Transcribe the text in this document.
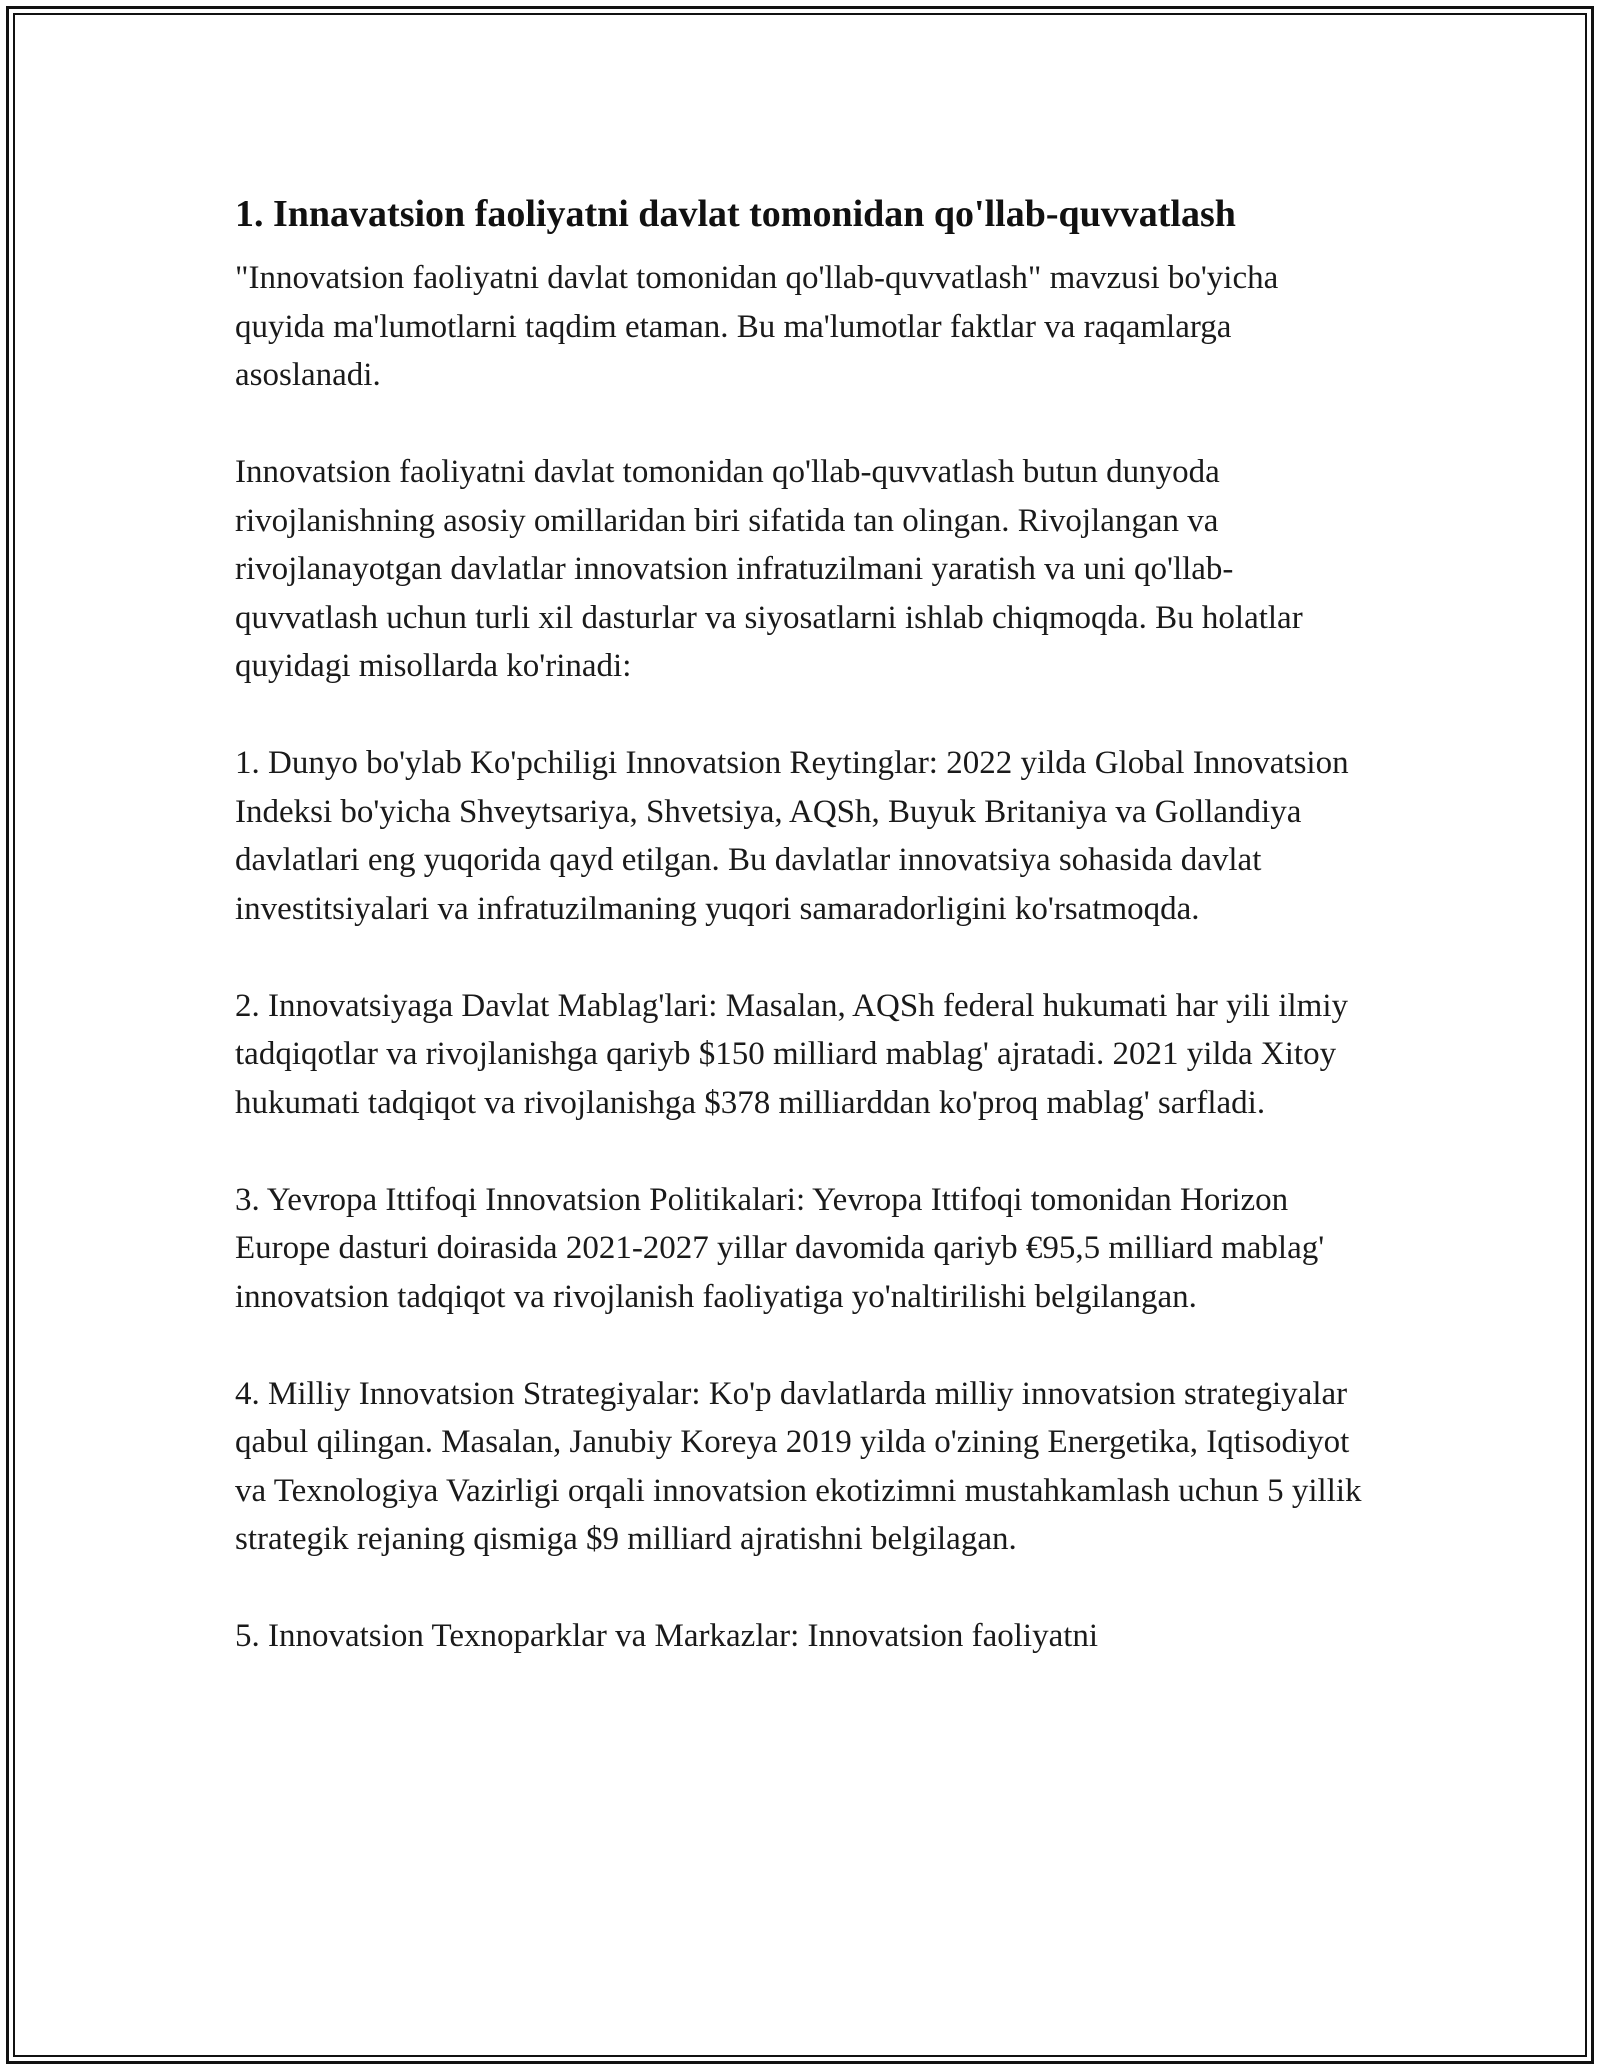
1. Innavatsion faoliyatni davlat tomonidan qo'llab-quvvatlash

"Innovatsion faoliyatni davlat tomonidan qo'llab-quvvatlash" mavzusi bo'yicha quyida ma'lumotlarni taqdim etaman. Bu ma'lumotlar faktlar va raqamlarga asoslanadi.

Innovatsion faoliyatni davlat tomonidan qo'llab-quvvatlash butun dunyoda rivojlanishning asosiy omillaridan biri sifatida tan olingan. Rivojlangan va rivojlanayotgan davlatlar innovatsion infratuzilmani yaratish va uni qo'llab-quvvatlash uchun turli xil dasturlar va siyosatlarni ishlab chiqmoqda. Bu holatlar quyidagi misollarda ko'rinadi:

1. Dunyo bo'ylab Ko'pchiligi Innovatsion Reytinglar: 2022 yilda Global Innovatsion Indeksi bo'yicha Shveytsariya, Shvetsiya, AQSh, Buyuk Britaniya va Gollandiya davlatlari eng yuqorida qayd etilgan. Bu davlatlar innovatsiya sohasida davlat investitsiyalari va infratuzilmaning yuqori samaradorligini ko'rsatmoqda.

2. Innovatsiyaga Davlat Mablag'lari: Masalan, AQSh federal hukumati har yili ilmiy tadqiqotlar va rivojlanishga qariyb $150 milliard mablag' ajratadi. 2021 yilda Xitoy hukumati tadqiqot va rivojlanishga $378 milliarddan ko'proq mablag' sarfladi.

3. Yevropa Ittifoqi Innovatsion Politikalari: Yevropa Ittifoqi tomonidan Horizon Europe dasturi doirasida 2021-2027 yillar davomida qariyb €95,5 milliard mablag' innovatsion tadqiqot va rivojlanish faoliyatiga yo'naltirilishi belgilangan.

4. Milliy Innovatsion Strategiyalar: Ko'p davlatlarda milliy innovatsion strategiyalar qabul qilingan. Masalan, Janubiy Koreya 2019 yilda o'zining Energetika, Iqtisodiyot va Texnologiya Vazirligi orqali innovatsion ekotizimni mustahkamlash uchun 5 yillik strategik rejaning qismiga $9 milliard ajratishni belgilagan.

5. Innovatsion Texnoparklar va Markazlar: Innovatsion faoliyatni
